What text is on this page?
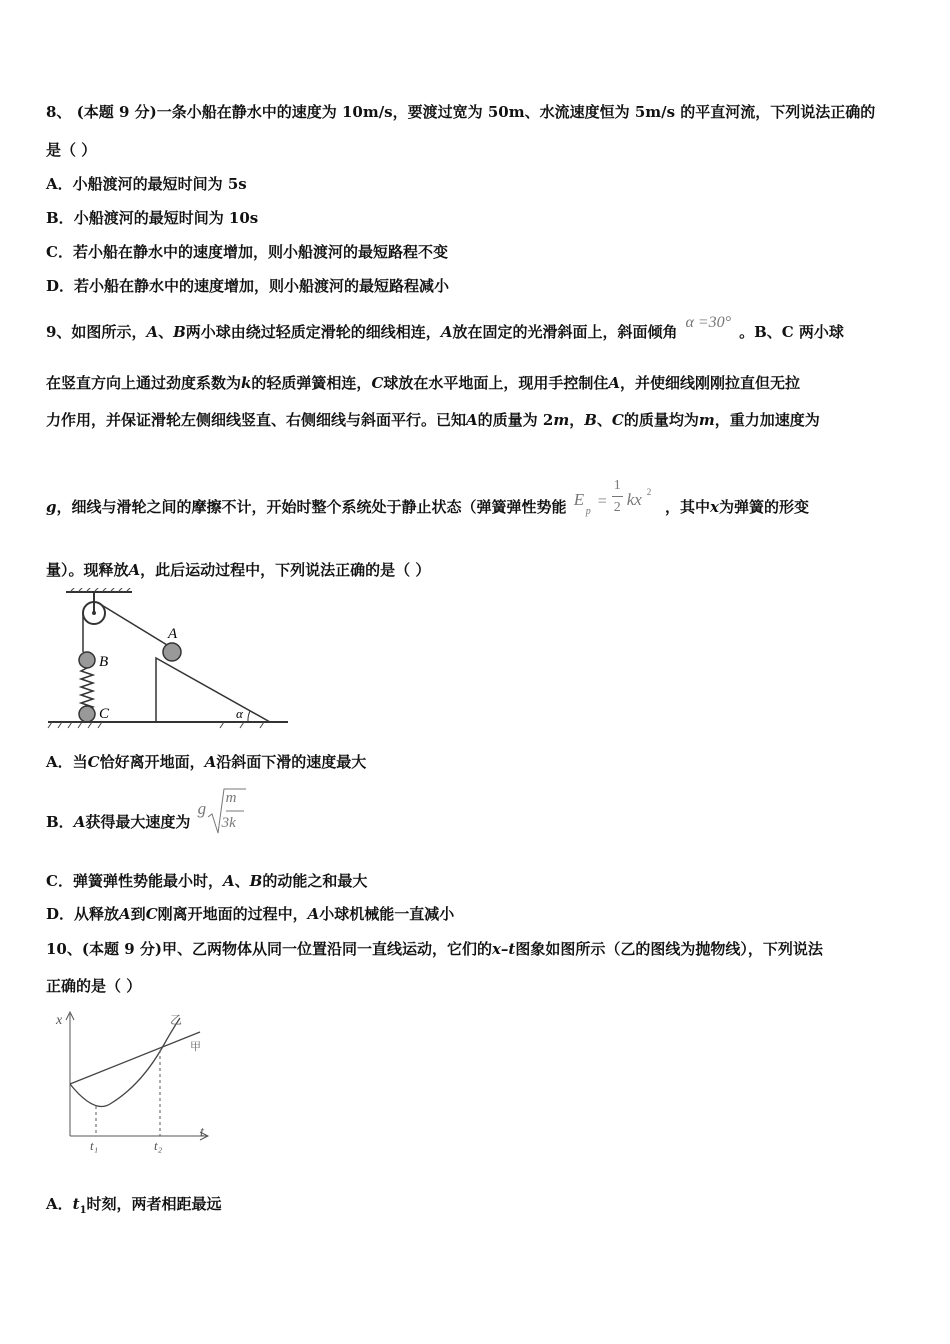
8、 (本题 9 分)一条小船在静水中的速度为 10m/s，要渡过宽为 50m、水流速度恒为 5m/s 的平直河流，下列说法正确的
是（ ）
A．小船渡河的最短时间为 5s
B．小船渡河的最短时间为 10s
C．若小船在静水中的速度增加，则小船渡河的最短路程不变
D．若小船在静水中的速度增加，则小船渡河的最短路程减小
9、如图所示，A、B两小球由绕过轻质定滑轮的细线相连，A放在固定的光滑斜面上，斜面倾角α =30°。B、C 两小球
在竖直方向上通过劲度系数为k的轻质弹簧相连，C球放在水平地面上，现用手控制住A，并使细线刚刚拉直但无拉
力作用，并保证滑轮左侧细线竖直、右侧细线与斜面平行。已知A的质量为 2m，B、C的质量均为m，重力加速度为
g，细线与滑轮之间的摩擦不计，开始时整个系统处于静止状态（弹簧弹性势能 E
p
=
1
2 kx 2
，其中x为弹簧的形变
量）。现释放A，此后运动过程中，下列说法正确的是（ ）
A
B
C	α
A．当C恰好离开地面，A沿斜面下滑的速度最大
B．A获得最大速度为
g
m
3k
C．弹簧弹性势能最小时，A、B的动能之和最大
D．从释放A到C刚离开地面的过程中，A小球机械能一直减小
10、(本题 9 分)甲、乙两物体从同一位置沿同一直线运动，它们的x–t图象如图所示（乙的图线为抛物线），下列说法
正确的是（ ）
x
t
t₁	t₂
乙
甲
A．$t_1$时刻，两者相距最远
